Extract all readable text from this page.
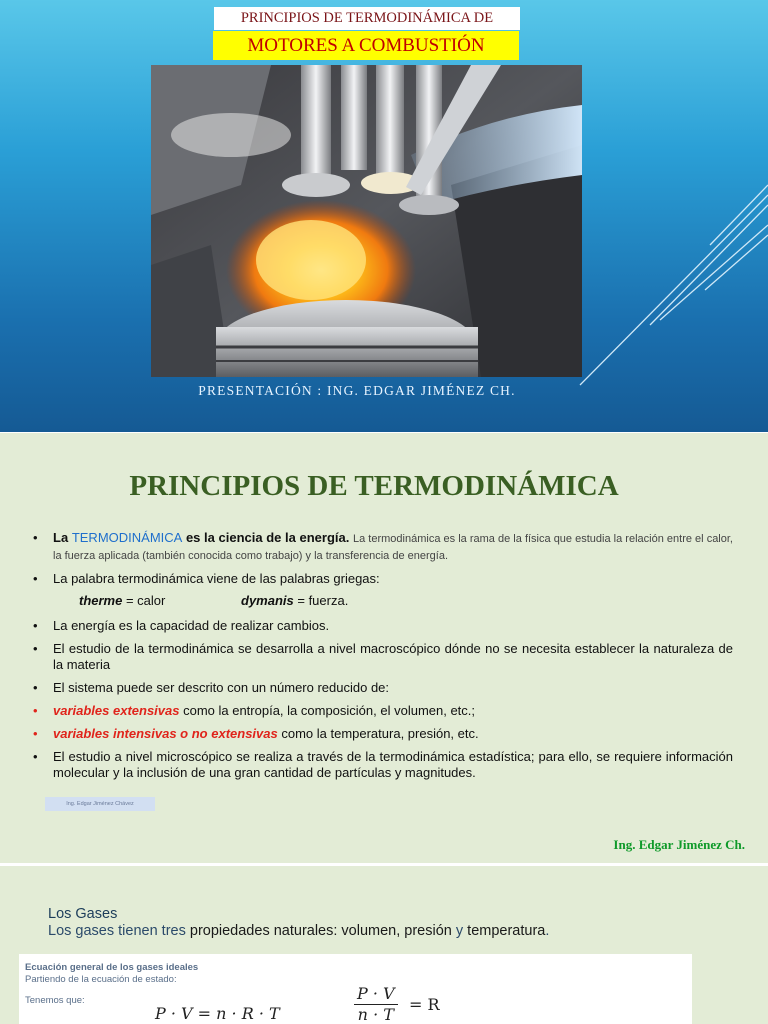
PRINCIPIOS DE TERMODINÁMICA DE
MOTORES A COMBUSTIÓN
PRESENTACIÓN : ING. EDGAR JIMÉNEZ CH.
PRINCIPIOS DE TERMODINÁMICA
• La TERMODINÁMICA es la ciencia de la energía. La termodinámica es la rama de la física que estudia la relación entre el calor, la fuerza aplicada (también conocida como trabajo) y la transferencia de energía.
• La palabra termodinámica viene de las palabras griegas:
therme = calor	dymanis = fuerza.
• La energía es la capacidad de realizar cambios.
• El estudio de la termodinámica se desarrolla a nivel macroscópico dónde no se necesita establecer la naturaleza de la materia
• El sistema puede ser descrito con un número reducido de:
• variables extensivas como la entropía, la composición, el volumen, etc.;
• variables intensivas o no extensivas como la temperatura, presión, etc.
• El estudio a nivel microscópico se realiza a través de la termodinámica estadística; para ello, se requiere información molecular y la inclusión de una gran cantidad de partículas y magnitudes.
Ing. Edgar Jiménez Chávez
Ing. Edgar Jiménez Ch.
Los Gases
Los gases tienen tres propiedades naturales: volumen, presión y temperatura.
Ecuación general de los gases ideales
Partiendo de la ecuación de estado:
Tenemos que:
P · V = n · R · T	$\frac{P \cdot V}{n \cdot T} = R$
